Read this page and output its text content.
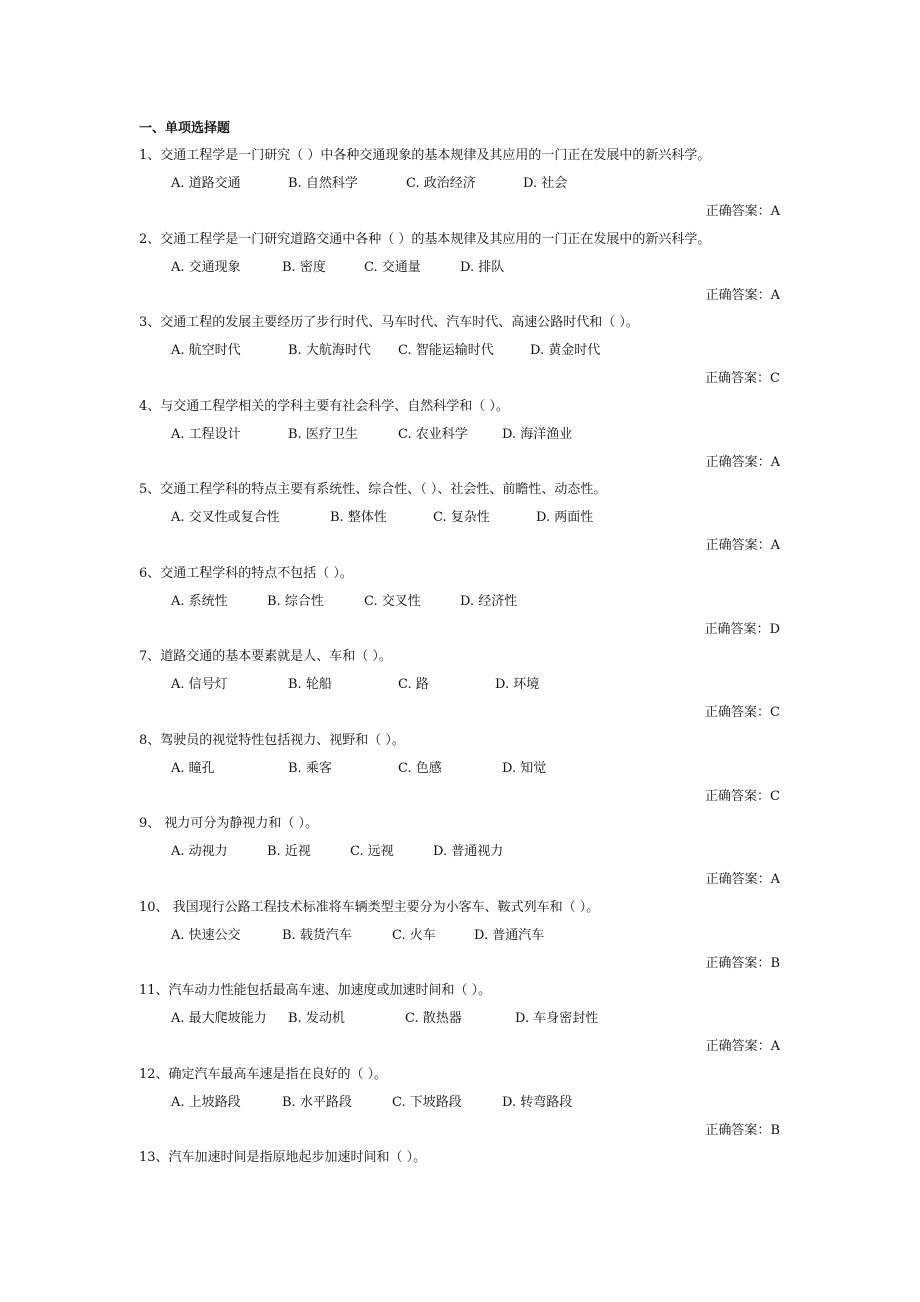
一、单项选择题
1、交通工程学是一门研究（ ）中各种交通现象的基本规律及其应用的一门正在发展中的新兴科学。
A. 道路交通	B. 自然科学	C. 政治经济	D. 社会
正确答案：A
2、交通工程学是一门研究道路交通中各种（ ）的基本规律及其应用的一门正在发展中的新兴科学。
A. 交通现象	B. 密度	C. 交通量	D. 排队
正确答案：A
3、交通工程的发展主要经历了步行时代、马车时代、汽车时代、高速公路时代和（ ）。
A. 航空时代	B. 大航海时代 C. 智能运输时代	D. 黄金时代
正确答案：C
4、与交通工程学相关的学科主要有社会科学、自然科学和（ ）。
A. 工程设计	B. 医疗卫生	C. 农业科学	D. 海洋渔业
正确答案：A
5、交通工程学科的特点主要有系统性、综合性、（ ）、社会性、前瞻性、动态性。
A. 交叉性或复合性	B. 整体性	C. 复杂性	D. 两面性
正确答案：A
6、交通工程学科的特点不包括（ ）。
A. 系统性	B. 综合性	C. 交叉性	D. 经济性
正确答案：D
7、道路交通的基本要素就是人、车和（ ）。
A. 信号灯	B. 轮船	C. 路	D. 环境
正确答案：C
8、驾驶员的视觉特性包括视力、视野和（ ）。
A. 瞳孔	B. 乘客	C. 色感	D. 知觉
正确答案：C
9、 视力可分为静视力和（ ）。
A. 动视力	B. 近视	C. 远视	D. 普通视力
正确答案：A
10、 我国现行公路工程技术标准将车辆类型主要分为小客车、鞍式列车和（ ）。
A. 快速公交	B. 载货汽车	C. 火车	D. 普通汽车
正确答案：B
11、汽车动力性能包括最高车速、加速度或加速时间和（ ）。
A. 最大爬坡能力 B. 发动机	C. 散热器	D. 车身密封性
正确答案：A
12、确定汽车最高车速是指在良好的（ ）。
A. 上坡路段	B. 水平路段	C. 下坡路段	D. 转弯路段
正确答案：B
13、汽车加速时间是指原地起步加速时间和（ ）。
